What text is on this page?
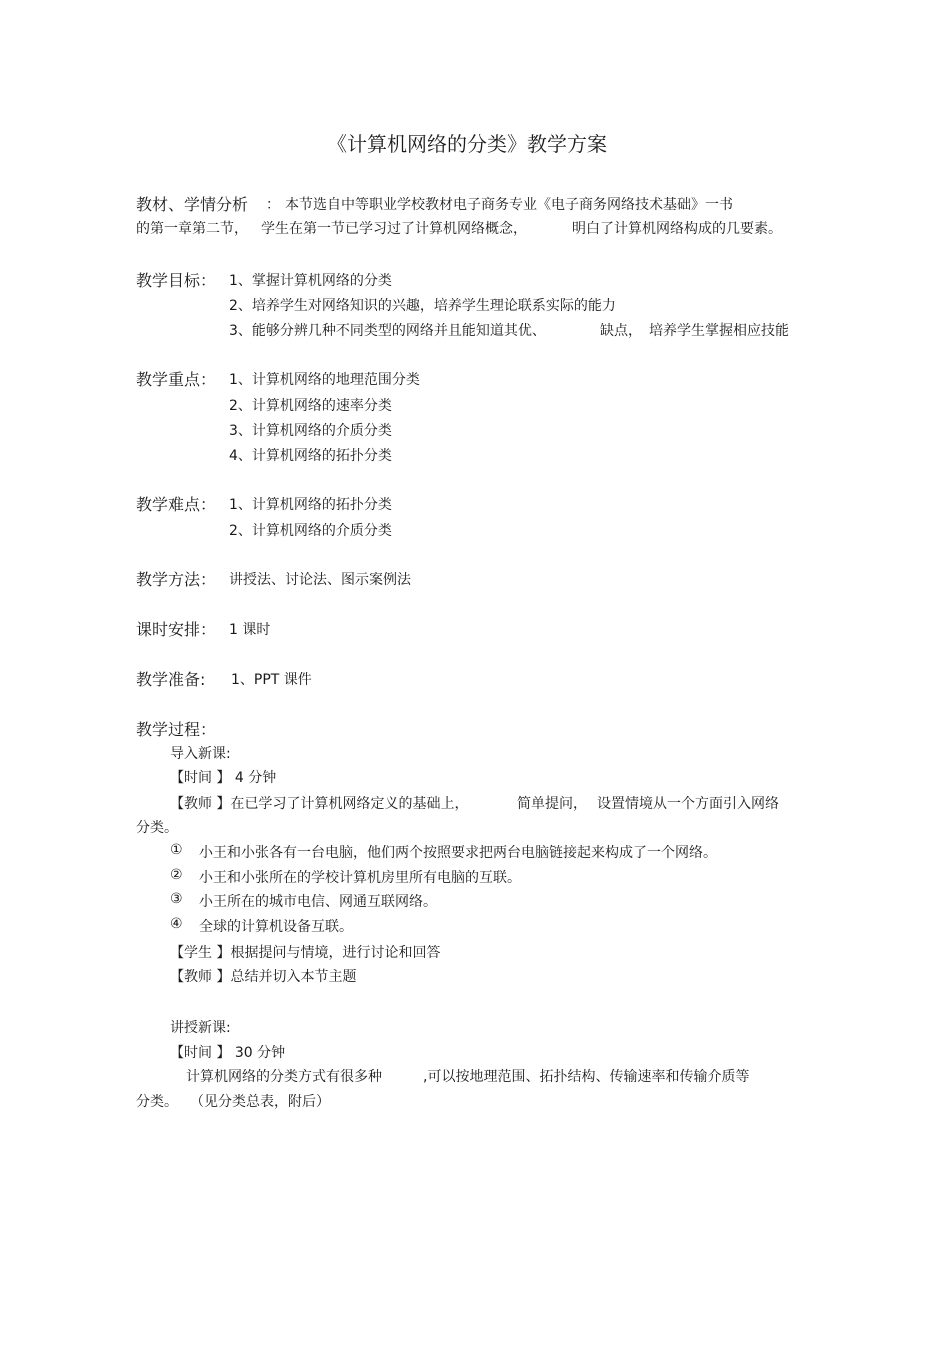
《计算机网络的分类》教学方案
教材、学情分析 ： 本节选自中等职业学校教材电子商务专业《电子商务网络技术基础》一书
的第一章第二节， 学生在第一节已学习过了计算机网络概念，	明白了计算机网络构成的几要素。
教学目标： 1、掌握计算机网络的分类
2、培养学生对网络知识的兴趣，培养学生理论联系实际的能力
3、能够分辨几种不同类型的网络并且能知道其优、	缺点， 培养学生掌握相应技能
教学重点： 1、计算机网络的地理范围分类
2、计算机网络的速率分类
3、计算机网络的介质分类
4、计算机网络的拓扑分类
教学难点： 1、计算机网络的拓扑分类
2、计算机网络的介质分类
教学方法： 讲授法、讨论法、图示案例法
课时安排： 1 课时
教学准备: 1、PPT 课件
教学过程：
导入新课:
【时间 】 4 分钟
【教师 】在已学习了计算机网络定义的基础上，	简单提问， 设置情境从一个方面引入网络
分类。
① 小王和小张各有一台电脑，他们两个按照要求把两台电脑链接起来构成了一个网络。
② 小王和小张所在的学校计算机房里所有电脑的互联。
③ 小王所在的城市电信、网通互联网络。
④ 全球的计算机设备互联。
【学生 】根据提问与情境，进行讨论和回答
【教师 】总结并切入本节主题
讲授新课:
【时间 】 30 分钟
计算机网络的分类方式有很多种	,可以按地理范围、拓扑结构、传输速率和传输介质等
分类。 （见分类总表，附后）
